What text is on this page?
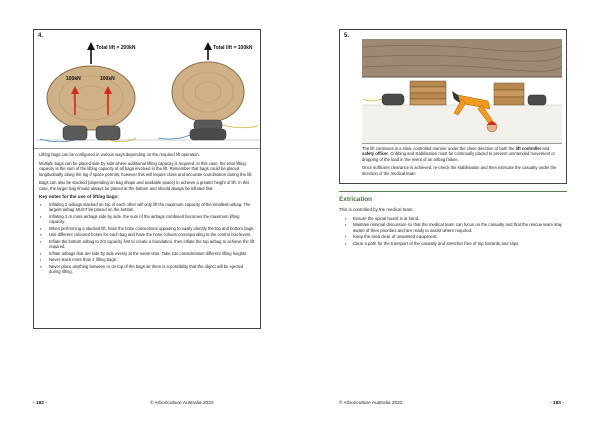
4.
Total lift = 200kN
100kN	100kN
Total lift = 100kN

Lifting bags can be configured in various ways depending on the required lift operation.

Multiple bags can be placed side by side where additional lifting capacity is required. In this case, the total lifting capacity is the sum of the lifting capacity of all bags involved in the lift. Remember that bags could be placed longitudinally along the log if space permits, however this will require close and accurate coordination during the lift.

Bags can also be stacked (depending on bag shape and available space) to achieve a greater height of lift. In this case, the larger bag should always be placed at the bottom and should always be inflated first.

Key notes for the use of lifting bags:
▪ Inflating 2 airbags stacked on top of each other will only lift the maximum capacity of the smallest airbag. The largest airbag MUST be placed on the bottom.
▪ Inflating 2 or more airbags side by side, the sum of the airbags combined becomes the maximum lifting capacity.
▪ When performing a stacked lift, have the hose connections opposing to easily identify the top and bottom bags.
▪ Use different coloured hoses for each bag and have the hose colours corresponding to the control box levers.
▪ Inflate the bottom airbag to 2/3 capacity first to create a foundation, then inflate the top airbag to achieve the lift required.
▪ Inflate airbags that are side by side evenly at the same time. Take into consideration different lifting heights.
▪ Never stack more than 2 lifting bags.
▪ Never place anything between or on top of the bags as there is a possibility that the object will be ejected during lifting.
- 182 -	© Arboriculture Australia 2022
5.

The lift continues in a slow, controlled manner under the close direction of both the lift controller and safety officer. Cribbing and stabilisation must be continually placed to prevent unintended movement or dropping of the load in the event of an airbag failure.

Once sufficient clearance is achieved, re-check the stabilisation and then extricate the casualty under the direction of the medical team.

Extrication
This is controlled by the medical team.
▪ Ensure the spinal board is at hand.
▪ Maintain minimal discussion so that the medical team can focus on the casualty and that the rescue team stay aware of their priorities and are ready to assist where required.
▪ Keep the area clear of unwanted equipment.
▪ Clear a path for the transport of the casualty and stretcher free of trip hazards and slips.
© Arboriculture Australia 2022	- 183 -
